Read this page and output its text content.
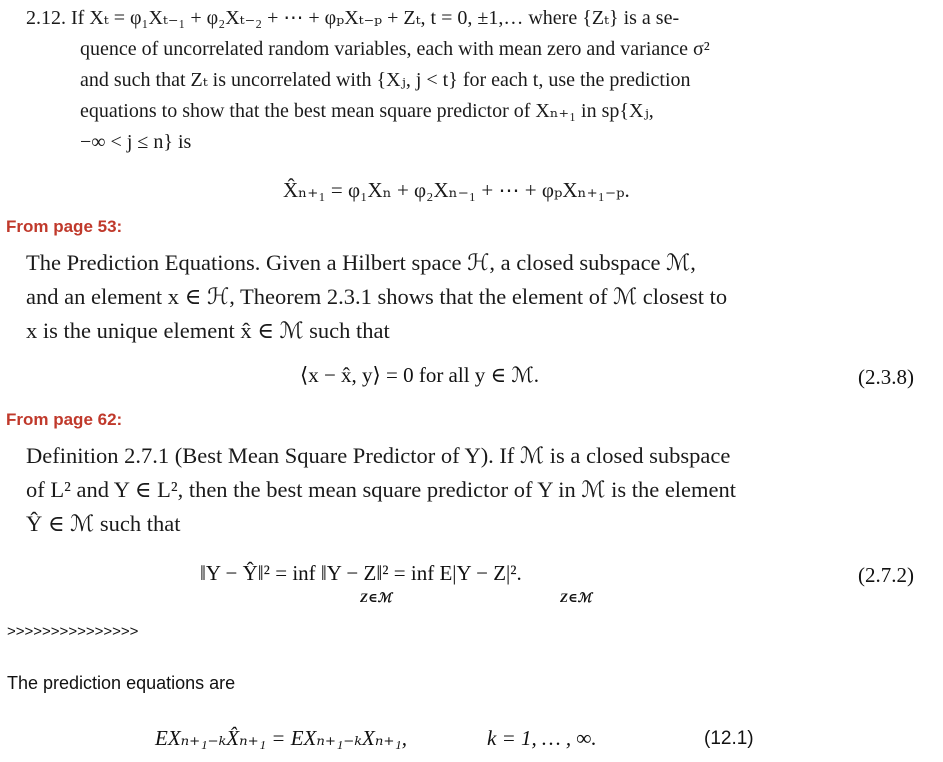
2.12. If Xₜ = φ₁Xₜ₋₁ + φ₂Xₜ₋₂ + ⋯ + φₚXₜ₋ₚ + Zₜ, t = 0, ±1,… where {Zₜ} is a se-
quence of uncorrelated random variables, each with mean zero and variance σ²
and such that Zₜ is uncorrelated with {Xⱼ, j < t} for each t, use the prediction
equations to show that the best mean square predictor of Xₙ₊₁ in sp{Xⱼ,
−∞ < j ≤ n} is
X̂ₙ₊₁ = φ₁Xₙ + φ₂Xₙ₋₁ + ⋯ + φₚXₙ₊₁₋ₚ.
From page 53:
The Prediction Equations. Given a Hilbert space ℋ, a closed subspace ℳ,
and an element x ∈ ℋ, Theorem 2.3.1 shows that the element of ℳ closest to
x is the unique element x̂ ∈ ℳ such that
⟨x − x̂, y⟩ = 0 for all y ∈ ℳ.	(2.3.8)
From page 62:
Definition 2.7.1 (Best Mean Square Predictor of Y). If ℳ is a closed subspace
of L² and Y ∈ L², then the best mean square predictor of Y in ℳ is the element
Ŷ ∈ ℳ such that
‖Y − Ŷ‖² = inf ‖Y − Z‖² = inf E|Y − Z|².
Z∈ℳ	Z∈ℳ
(2.7.2)
>>>>>>>>>>>>>>>
The prediction equations are
EXₙ₊₁₋ₖX̂ₙ₊₁ = EXₙ₊₁₋ₖXₙ₊₁,	k = 1, … , ∞.	(12.1)
